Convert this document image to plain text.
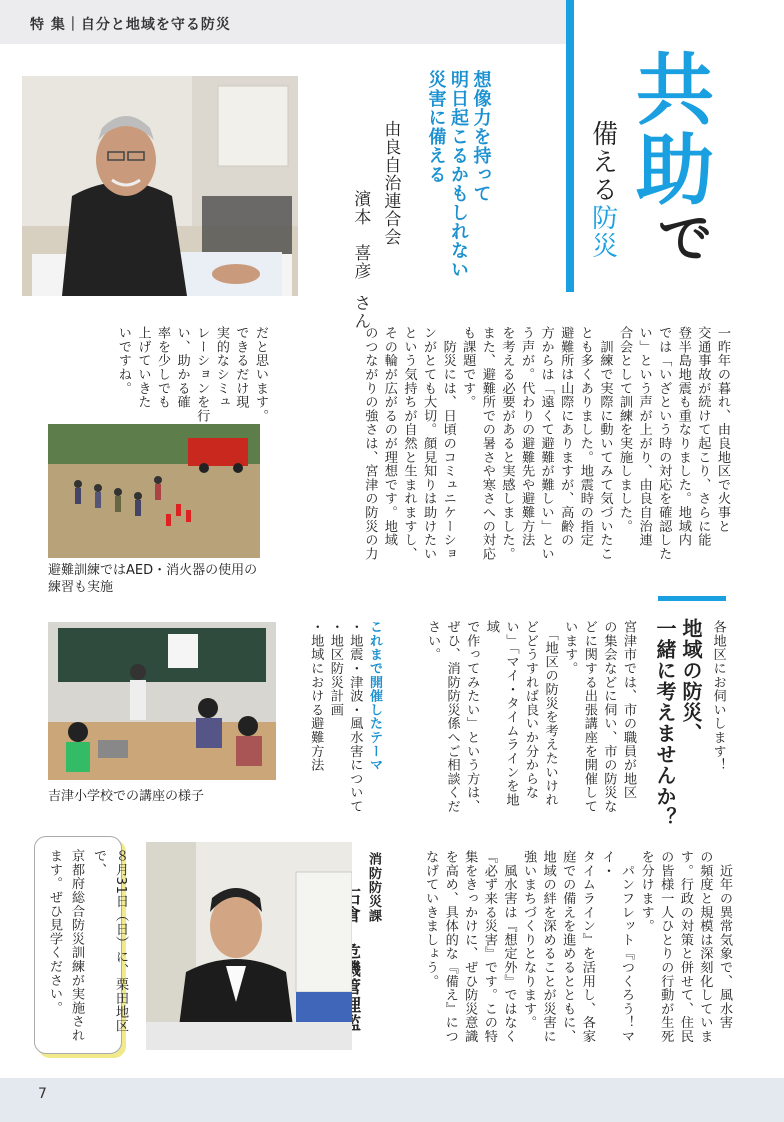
特 集｜自分と地域を守る防災
共
助
で
備える防災
想像力を持って
明日起こるかもしれない
災害に備える
由良自治連合会
濱本　喜彦 さん
一昨年の暮れ、由良地区で火事と
交通事故が続けて起こり、さらに能
登半島地震も重なりました。地域内
では「いざという時の対応を確認した
い」という声が上がり、由良自治連
合会として訓練を実施しました。
　訓練で実際に動いてみて気づいたこ
とも多くありました。地震時の指定
避難所は山際にありますが、高齢の
方からは「遠くて避難が難しい」とい
う声が。代わりの避難先や避難方法
を考える必要があると実感しました。
また、避難所での暑さや寒さへの対応
も課題です。
　防災には、日頃のコミュニケーショ
ンがとても大切。顔見知りは助けたい
という気持ちが自然と生まれますし、
その輪が広がるのが理想です。地域
のつながりの強さは、宮津の防災の力
だと思います。
できるだけ現
実的なシミュ
レーションを行
い、助かる確
率を少しでも
上げていきた
いですね。
避難訓練ではAED・消火器の使用の練習も実施
吉津小学校での講座の様子
各地区にお伺いします！
地域の防災、
一緒に考えませんか？
宮津市では、市の職員が地区
の集会などに伺い、市の防災な
どに関する出張講座を開催して
います。
　「地区の防災を考えたいけれ
どどうすれば良いか分からな
い」「マイ・タイムラインを地域
で作ってみたい」という方は、
ぜひ、消防防災係へご相談くだ
さい。
これまで開催したテーマ
・地震・津波・風水害について
・地区防災計画
・地域における避難方法
　近年の異常気象で、風水害
の頻度と規模は深刻化していま
す。行政の対策と併せて、住民
の皆様一人ひとりの行動が生死
を分けます。
　パンフレット『つくろう！マイ・
タイムライン』を活用し、各家
庭での備えを進めるとともに、
地域の絆を深めることが災害に
強いまちづくりとなります。
　風水害は『想定外』ではなく
『必ず来る災害』です。この特
集をきっかけに、ぜひ防災意識
を高め、具体的な『備え』につ
なげていきましょう。
消防防災課

８月31日（日）に、栗田地区で、
京都府総合防災訓練が実施され
ます。ぜひ見学ください。
7
